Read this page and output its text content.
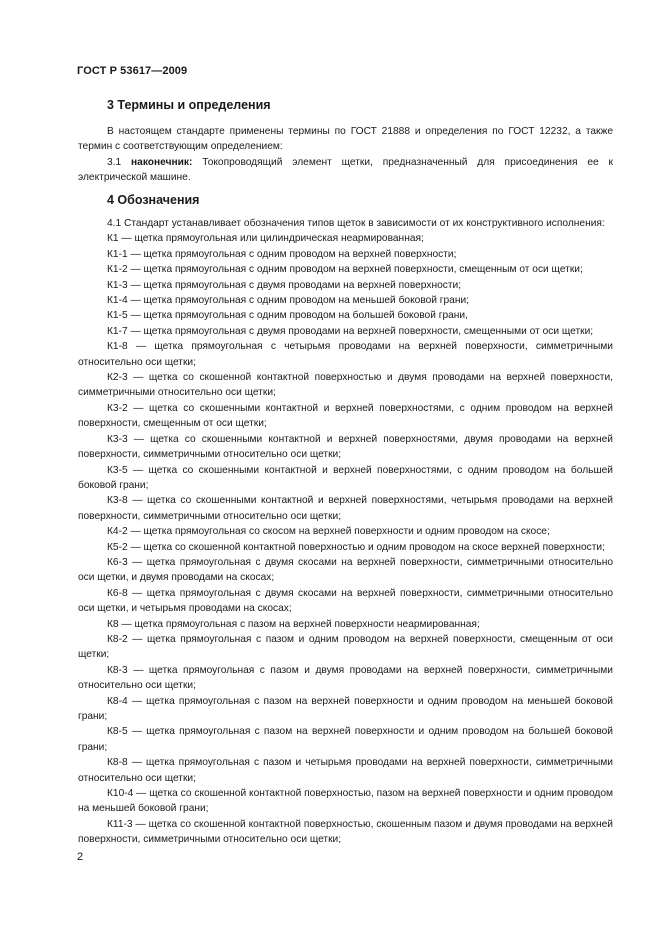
ГОСТ Р 53617—2009
3 Термины и определения

В настоящем стандарте применены термины по ГОСТ 21888 и определения по ГОСТ 12232, а также термин с соответствующим определением:

3.1 наконечник: Токопроводящий элемент щетки, предназначенный для присоединения ее к электрической машине.

4 Обозначения

4.1 Стандарт устанавливает обозначения типов щеток в зависимости от их конструктивного исполнения:

К1 — щетка прямоугольная или цилиндрическая неармированная;

К1-1 — щетка прямоугольная с одним проводом на верхней поверхности;

К1-2 — щетка прямоугольная с одним проводом на верхней поверхности, смещенным от оси щетки;

К1-3 — щетка прямоугольная с двумя проводами на верхней поверхности;

К1-4 — щетка прямоугольная с одним проводом на меньшей боковой грани;

К1-5 — щетка прямоугольная с одним проводом на большей боковой грани,

К1-7 — щетка прямоугольная с двумя проводами на верхней поверхности, смещенными от оси щетки;

К1-8 — щетка прямоугольная с четырьмя проводами на верхней поверхности, симметричными относительно оси щетки;

К2-3 — щетка со скошенной контактной поверхностью и двумя проводами на верхней поверхности, симметричными относительно оси щетки;

К3-2 — щетка со скошенными контактной и верхней поверхностями, с одним проводом на верхней поверхности, смещенным от оси щетки;

К3-3 — щетка со скошенными контактной и верхней поверхностями, двумя проводами на верхней поверхности, симметричными относительно оси щетки;

К3-5 — щетка со скошенными контактной и верхней поверхностями, с одним проводом на большей боковой грани;

К3-8 — щетка со скошенными контактной и верхней поверхностями, четырьмя проводами на верхней поверхности, симметричными относительно оси щетки;

К4-2 — щетка прямоугольная со скосом на верхней поверхности и одним проводом на скосе;

К5-2 — щетка со скошенной контактной поверхностью и одним проводом на скосе верхней поверхности;

К6-3 — щетка прямоугольная с двумя скосами на верхней поверхности, симметричными относительно оси щетки, и двумя проводами на скосах;

К6-8 — щетка прямоугольная с двумя скосами на верхней поверхности, симметричными относительно оси щетки, и четырьмя проводами на скосах;

К8 — щетка прямоугольная с пазом на верхней поверхности неармированная;

К8-2 — щетка прямоугольная с пазом и одним проводом на верхней поверхности, смещенным от оси щетки;

К8-3 — щетка прямоугольная с пазом и двумя проводами на верхней поверхности, симметричными относительно оси щетки;

К8-4 — щетка прямоугольная с пазом на верхней поверхности и одним проводом на меньшей боковой грани;

К8-5 — щетка прямоугольная с пазом на верхней поверхности и одним проводом на большей боковой грани;

К8-8 — щетка прямоугольная с пазом и четырьмя проводами на верхней поверхности, симметричными относительно оси щетки;

К10-4 — щетка со скошенной контактной поверхностью, пазом на верхней поверхности и одним проводом на меньшей боковой грани;

К11-3 — щетка со скошенной контактной поверхностью, скошенным пазом и двумя проводами на верхней поверхности, симметричными относительно оси щетки;

2
